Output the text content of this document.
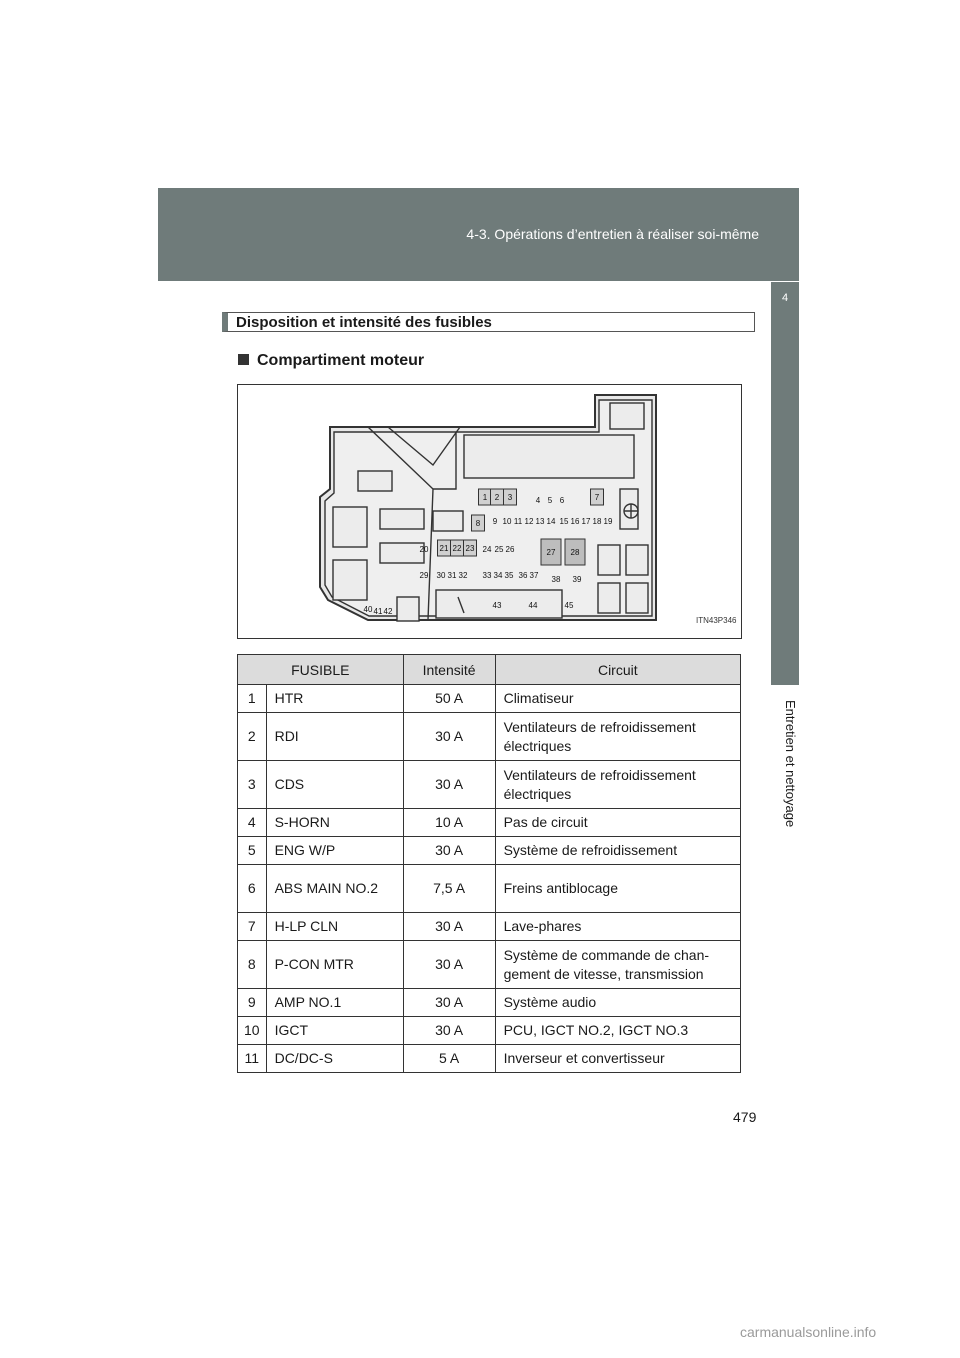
4-3. Opérations d’entretien à réaliser soi-même
4
Entretien et nettoyage
Disposition et intensité des fusibles
Compartiment moteur
ITN43P346
1 2 3	4 5 6	7
8 9 10 11 12 13 14 15 16 17 18 19
20 21 22 23 24 25 26	27 28
29 30 31 32 33 34 35 36 37 38 39
40 41 42
43	44	45
FUSIBLE		Intensité	Circuit
1	HTR	50 A	Climatiseur
2	RDI	30 A	Ventilateurs de refroidissement électriques
3	CDS	30 A	Ventilateurs de refroidissement électriques
4	S-HORN	10 A	Pas de circuit
5	ENG W/P	30 A	Système de refroidissement
6	ABS MAIN NO.2	7,5 A	Freins antiblocage
7	H-LP CLN	30 A	Lave-phares
8	P-CON MTR	30 A	Système de commande de chan-gement de vitesse, transmission
9	AMP NO.1	30 A	Système audio
10	IGCT	30 A	PCU, IGCT NO.2, IGCT NO.3
11	DC/DC-S	5 A	Inverseur et convertisseur
479
carmanualsonline.info
